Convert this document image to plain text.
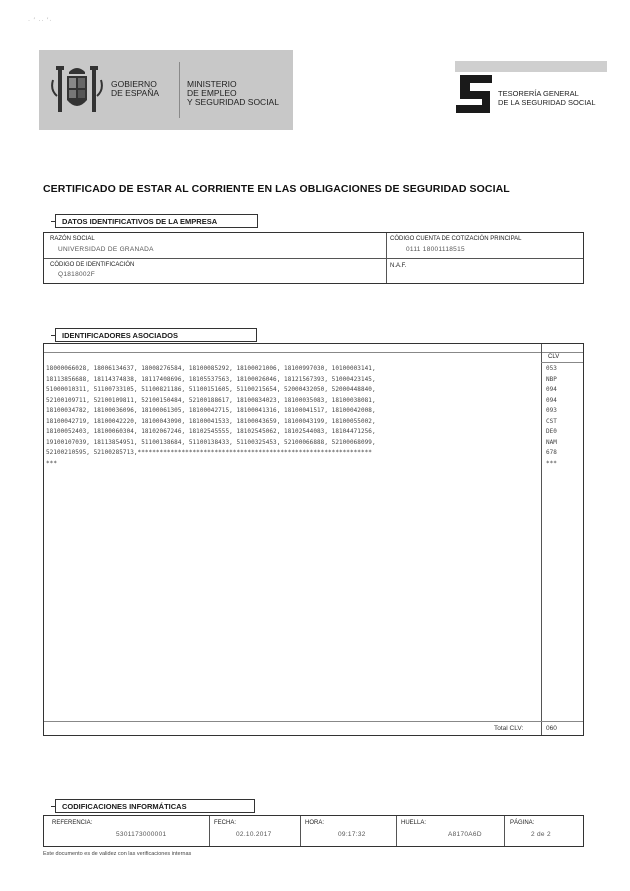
· ′ ·· ′·
GOBIERNO
DE ESPAÑA
MINISTERIO
DE EMPLEO
Y SEGURIDAD SOCIAL
TESORERÍA GENERAL
DE LA SEGURIDAD SOCIAL
CERTIFICADO DE ESTAR AL CORRIENTE EN LAS OBLIGACIONES DE SEGURIDAD SOCIAL
DATOS IDENTIFICATIVOS DE LA EMPRESA
RAZÓN SOCIAL
UNIVERSIDAD DE GRANADA
CÓDIGO CUENTA DE COTIZACIÓN PRINCIPAL
0111 18001118515
CÓDIGO DE IDENTIFICACIÓN
Q1818002F
N.A.F.
IDENTIFICADORES ASOCIADOS
CLV
18000066028, 18006134637, 18008276584, 18100085292, 18100021006, 18100997030, 10100003141,
18113856688, 18114374838, 18117408696, 18105537563, 18100026046, 18121567393, 51000423145,
51000010311, 51100733105, 51100821186, 51100151605, 51100215654, 52000432050, 52000448840,
52100109711, 52100109811, 52100150484, 52100188617, 18100834023, 18100035083, 18100038081,
18100034782, 18100036096, 18100061305, 18100042715, 18100041316, 18100041517, 18100042008,
18100042719, 18100042220, 18100043090, 18100041533, 18100043659, 18100043199, 18100055002,
18100052403, 18100060304, 18102067246, 18102545555, 18102545062, 18102544083, 18104471256,
19100107039, 18113854951, 51100138684, 51100138433, 51100325453, 52100066888, 52100068099,
52100210595, 52100285713,****************************************************************
***
053
NBP
094
094
093
CST
DE0
NAM
678
***
Total CLV:	060
CODIFICACIONES INFORMÁTICAS
REFERENCIA:
5301173000001
FECHA:
02.10.2017
HORA:
09:17:32
HUELLA:
A8170A6D
PÁGINA:
2 de 2
Este documento es de validez con las verificaciones internas
